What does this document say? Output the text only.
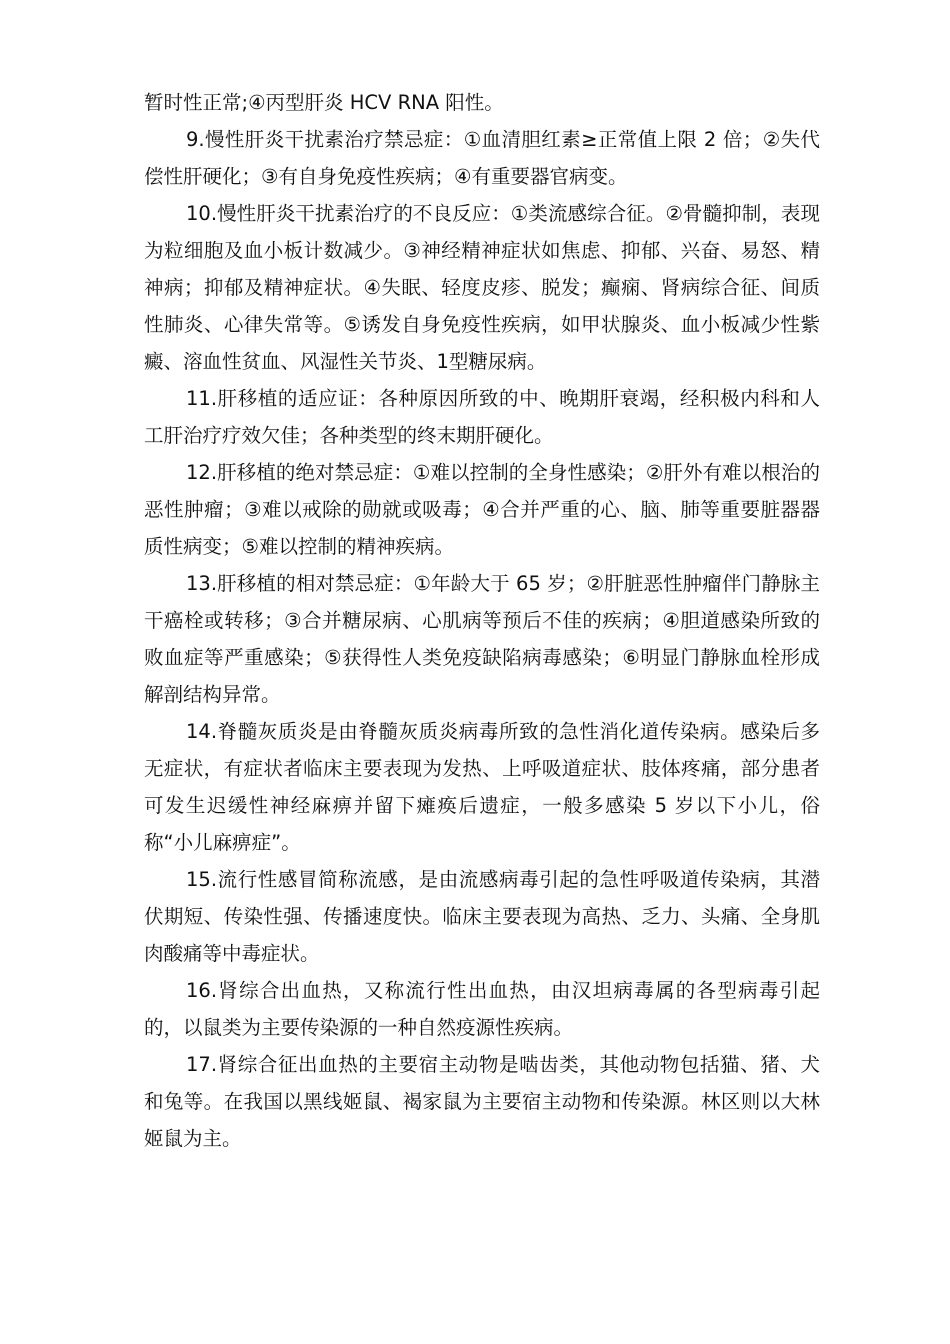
暂时性正常;④丙型肝炎 HCV RNA 阳性。

9.慢性肝炎干扰素治疗禁忌症：①血清胆红素≥正常值上限 2 倍；②失代偿性肝硬化；③有自身免疫性疾病；④有重要器官病变。

10.慢性肝炎干扰素治疗的不良反应：①类流感综合征。②骨髓抑制，表现为粒细胞及血小板计数减少。③神经精神症状如焦虑、抑郁、兴奋、易怒、精神病；抑郁及精神症状。④失眠、轻度皮疹、脱发；癫痫、肾病综合征、间质性肺炎、心律失常等。⑤诱发自身免疫性疾病，如甲状腺炎、血小板减少性紫癜、溶血性贫血、风湿性关节炎、1型糖尿病。

11.肝移植的适应证：各种原因所致的中、晚期肝衰竭，经积极内科和人工肝治疗疗效欠佳；各种类型的终末期肝硬化。

12.肝移植的绝对禁忌症：①难以控制的全身性感染；②肝外有难以根治的恶性肿瘤；③难以戒除的勋就或吸毒；④合并严重的心、脑、肺等重要脏器器质性病变；⑤难以控制的精神疾病。

13.肝移植的相对禁忌症：①年龄大于 65 岁；②肝脏恶性肿瘤伴门静脉主干癌栓或转移；③合并糖尿病、心肌病等预后不佳的疾病；④胆道感染所致的败血症等严重感染；⑤获得性人类免疫缺陷病毒感染；⑥明显门静脉血栓形成解剖结构异常。

14.脊髓灰质炎是由脊髓灰质炎病毒所致的急性消化道传染病。感染后多无症状，有症状者临床主要表现为发热、上呼吸道症状、肢体疼痛，部分患者可发生迟缓性神经麻痹并留下瘫痪后遗症，一般多感染 5 岁以下小儿，俗称“小儿麻痹症”。

15.流行性感冒简称流感，是由流感病毒引起的急性呼吸道传染病，其潜伏期短、传染性强、传播速度快。临床主要表现为高热、乏力、头痛、全身肌肉酸痛等中毒症状。

16.肾综合出血热，又称流行性出血热，由汉坦病毒属的各型病毒引起的，以鼠类为主要传染源的一种自然疫源性疾病。

17.肾综合征出血热的主要宿主动物是啮齿类，其他动物包括猫、猪、犬和兔等。在我国以黑线姬鼠、褐家鼠为主要宿主动物和传染源。林区则以大林姬鼠为主。
